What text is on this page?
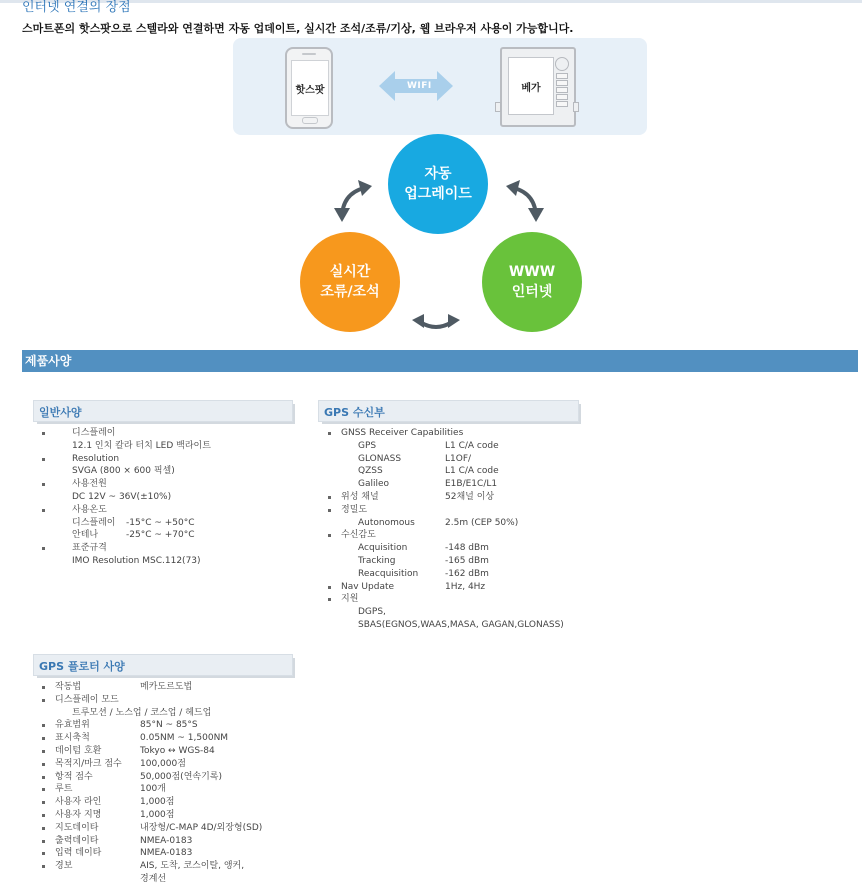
인터넷 연결의 장점
스마트폰의 핫스팟으로 스텔라와 연결하면 자동 업데이트, 실시간 조석/조류/기상, 웹 브라우저 사용이 가능합니다.
핫스팟	WIFI	베가
자동
업그레이드
실시간
조류/조석
WWW
인터넷
제품사양
일반사양
디스플레이
12.1 인치 칼라 터치 LED 백라이트
Resolution
SVGA (800 × 600 픽셀)
사용전원
DC 12V ~ 36V(±10%)
사용온도
디스플레이 -15°C ~ +50°C
안테나	-25°C ~ +70°C
표준규격
IMO Resolution MSC.112(73)
GPS 수신부
GNSS Receiver Capabilities
GPS	L1 C/A code
GLONASS	L1OF/
QZSS	L1 C/A code
Galileo	E1B/E1C/L1
위성 채널	52채널 이상
정밀도
Autonomous	2.5m (CEP 50%)
수신감도
Acquisition	-148 dBm
Tracking	-165 dBm
Reacquisition	-162 dBm
Nav Update	1Hz, 4Hz
지원
DGPS,
SBAS(EGNOS,WAAS,MASA, GAGAN,GLONASS)
GPS 플로터 사양
작동법	메카도르도법
디스플레이 모드
트루모션 / 노스업 / 코스업 / 헤드업
유효범위	85°N ~ 85°S
표시축척	0.05NM ~ 1,500NM
데이텀 호환	Tokyo ↔ WGS-84
목적지/마크 점수 100,000점
항적 점수	50,000점(연속기록)
루트	100개
사용자 라인	1,000점
사용자 지명	1,000점
지도데이타	내장형/C-MAP 4D/외장형(SD)
출력데이타	NMEA-0183
입력 데이타	NMEA-0183
경보	AIS, 도착, 코스이탈, 앵커,
경계선
